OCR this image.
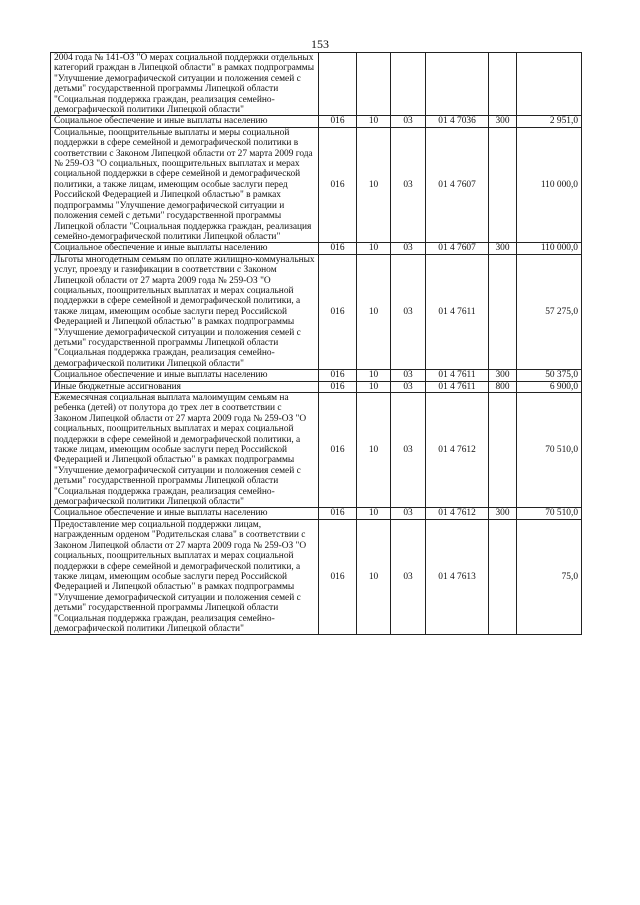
153
2004 года № 141-ОЗ "О мерах социальной поддержки отдельных категорий граждан в Липецкой области" в рамках подпрограммы "Улучшение демографической ситуации и положения семей с детьми" государственной программы Липецкой области "Социальная поддержка граждан, реализация семейно-демографической политики Липецкой области"						
Социальное обеспечение и иные выплаты населению	016	10	03	01 4 7036	300	2 951,0
Социальные, поощрительные выплаты и меры социальной поддержки в сфере семейной и демографической политики в соответствии с Законом Липецкой области от 27 марта 2009 года № 259-ОЗ "О социальных, поощрительных выплатах и мерах социальной поддержки в сфере семейной и демографической политики, а также лицам, имеющим особые заслуги перед Российской Федерацией и Липецкой областью" в рамках подпрограммы "Улучшение демографической ситуации и положения семей с детьми" государственной программы Липецкой области "Социальная поддержка граждан, реализация семейно-демографической политики Липецкой области"	016	10	03	01 4 7607		110 000,0
Социальное обеспечение и иные выплаты населению	016	10	03	01 4 7607	300	110 000,0
Льготы многодетным семьям по оплате жилищно-коммунальных услуг, проезду и газификации в соответствии с Законом Липецкой области от 27 марта 2009 года № 259-ОЗ "О социальных, поощрительных выплатах и мерах социальной поддержки в сфере семейной и демографической политики, а также лицам, имеющим особые заслуги перед Российской Федерацией и Липецкой областью" в рамках подпрограммы "Улучшение демографической ситуации и положения семей с детьми" государственной программы Липецкой области "Социальная поддержка граждан, реализация семейно-демографической политики Липецкой области"	016	10	03	01 4 7611		57 275,0
Социальное обеспечение и иные выплаты населению	016	10	03	01 4 7611	300	50 375,0
Иные бюджетные ассигнования	016	10	03	01 4 7611	800	6 900,0
Ежемесячная социальная выплата малоимущим семьям на ребенка (детей) от полутора до трех лет в соответствии с Законом Липецкой области от 27 марта 2009 года № 259-ОЗ "О социальных, поощрительных выплатах и мерах социальной поддержки в сфере семейной и демографической политики, а также лицам, имеющим особые заслуги перед Российской Федерацией и Липецкой областью" в рамках подпрограммы "Улучшение демографической ситуации и положения семей с детьми" государственной программы Липецкой области "Социальная поддержка граждан, реализация семейно-демографической политики Липецкой области"	016	10	03	01 4 7612		70 510,0
Социальное обеспечение и иные выплаты населению	016	10	03	01 4 7612	300	70 510,0
Предоставление мер социальной поддержки лицам, награжденным орденом "Родительская слава" в соответствии с Законом Липецкой области от 27 марта 2009 года № 259-ОЗ "О социальных, поощрительных выплатах и мерах социальной поддержки в сфере семейной и демографической политики, а также лицам, имеющим особые заслуги перед Российской Федерацией и Липецкой областью" в рамках подпрограммы "Улучшение демографической ситуации и положения семей с детьми" государственной программы Липецкой области "Социальная поддержка граждан, реализация семейно-демографической политики Липецкой области"	016	10	03	01 4 7613		75,0
